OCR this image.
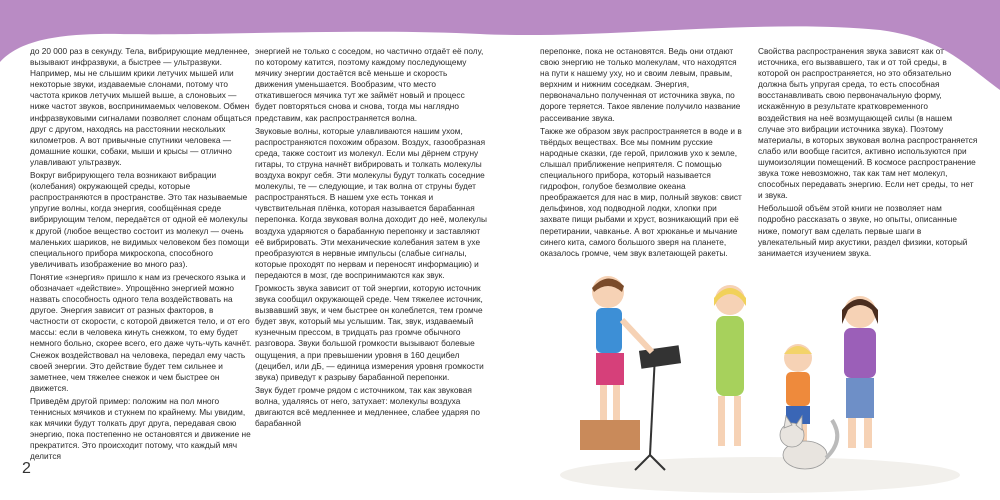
до 20 000 раз в секунду. Тела, вибрирующие медленнее, вызывают инфразвуки, а быстрее — ультразвуки. Например, мы не слышим крики летучих мышей или некоторые звуки, издаваемые слонами, потому что частота криков летучих мышей выше, а слоновьих — ниже частот звуков, воспринимаемых человеком. Обмен инфразвуковыми сигналами позволяет слонам общаться друг с другом, находясь на расстоянии нескольких километров. А вот привычные спутники человека — домашние кошки, собаки, мыши и крысы — отлично улавливают ультразвук.

Вокруг вибрирующего тела возникают вибрации (колебания) окружающей среды, которые распространяются в пространстве. Это так называемые упругие волны, когда энергия, сообщённая среде вибрирующим телом, передаётся от одной её молекулы к другой (любое вещество состоит из молекул — очень маленьких шариков, не видимых человеком без помощи специального прибора микроскопа, способного увеличивать изображение во много раз).

Понятие «энергия» пришло к нам из греческого языка и обозначает «действие». Упрощённо энергией можно назвать способность одного тела воздействовать на другое. Энергия зависит от разных факторов, в частности от скорости, с которой движется тело, и от его массы: если в человека кинуть снежком, то ему будет немного больно, скорее всего, его даже чуть-чуть качнёт. Снежок воздействовал на человека, передал ему часть своей энергии. Это действие будет тем сильнее и заметнее, чем тяжелее снежок и чем быстрее он движется.

Приведём другой пример: положим на пол много теннисных мячиков и стукнем по крайнему. Мы увидим, как мячики будут толкать друг друга, передавая свою энергию, пока постепенно не остановятся и движение не прекратится. Это происходит потому, что каждый мяч делится

энергией не только с соседом, но частично отдаёт её полу, по которому катится, поэтому каждому последующему мячику энергии достаётся всё меньше и скорость движения уменьшается. Вообразим, что место откатившегося мячика тут же займёт новый и процесс будет повторяться снова и снова, тогда мы наглядно представим, как распространяется волна.

Звуковые волны, которые улавливаются нашим ухом, распространяются похожим образом. Воздух, газообразная среда, также состоит из молекул. Если мы дёрнем струну гитары, то струна начнёт вибрировать и толкать молекулы воздуха вокруг себя. Эти молекулы будут толкать соседние молекулы, те — следующие, и так волна от струны будет распространяться. В нашем ухе есть тонкая и чувствительная плёнка, которая называется барабанная перепонка. Когда звуковая волна доходит до неё, молекулы воздуха ударяются о барабанную перепонку и заставляют её вибрировать. Эти механические колебания затем в ухе преобразуются в нервные импульсы (слабые сигналы, которые проходят по нервам и переносят информацию) и передаются в мозг, где воспринимаются как звук.

Громкость звука зависит от той энергии, которую источник звука сообщил окружающей среде. Чем тяжелее источник, вызвавший звук, и чем быстрее он колеблется, тем громче будет звук, который мы услышим. Так, звук, издаваемый кузнечным прессом, в тридцать раз громче обычного разговора. Звуки большой громкости вызывают болевые ощущения, а при превышении уровня в 160 децибел (децибел, или дБ, — единица измерения уровня громкости звука) приведут к разрыву барабанной перепонки.

Звук будет громче рядом с источником, так как звуковая волна, удаляясь от него, затухает: молекулы воздуха двигаются всё медленнее и медленнее, слабее ударяя по барабанной

перепонке, пока не остановятся. Ведь они отдают свою энергию не только молекулам, что находятся на пути к нашему уху, но и своим левым, правым, верхним и нижним соседкам. Энергия, первоначально полученная от источника звука, по дороге теряется. Такое явление получило название рассеивание звука.

Также же образом звук распространяется в воде и в твёрдых веществах. Все мы помним русские народные сказки, где герой, приложив ухо к земле, слышал приближение неприятеля. С помощью специального прибора, который называется гидрофон, голубое безмолвие океана преображается для нас в мир, полный звуков: свист дельфинов, ход подводной лодки, хлопки при захвате пищи рыбами и хруст, возникающий при её перетирании, чавканье. А вот хрюканье и мычание синего кита, самого большого зверя на планете, оказалось громче, чем звук взлетающей ракеты.

Свойства распространения звука зависят как от источника, его вызвавшего, так и от той среды, в которой он распространяется, но это обязательно должна быть упругая среда, то есть способная восстанавливать свою первоначальную форму, искажённую в результате кратковременного воздействия на неё возмущающей силы (в нашем случае это вибрации источника звука). Поэтому материалы, в которых звуковая волна распространяется слабо или вообще гасится, активно используются при шумоизоляции помещений. В космосе распространение звука тоже невозможно, так как там нет молекул, способных передавать энергию. Если нет среды, то нет и звука.

Небольшой объём этой книги не позволяет нам подробно рассказать о звуке, но опыты, описанные ниже, помогут вам сделать первые шаги в увлекательный мир акустики, раздел физики, который занимается изучением звука.

2
